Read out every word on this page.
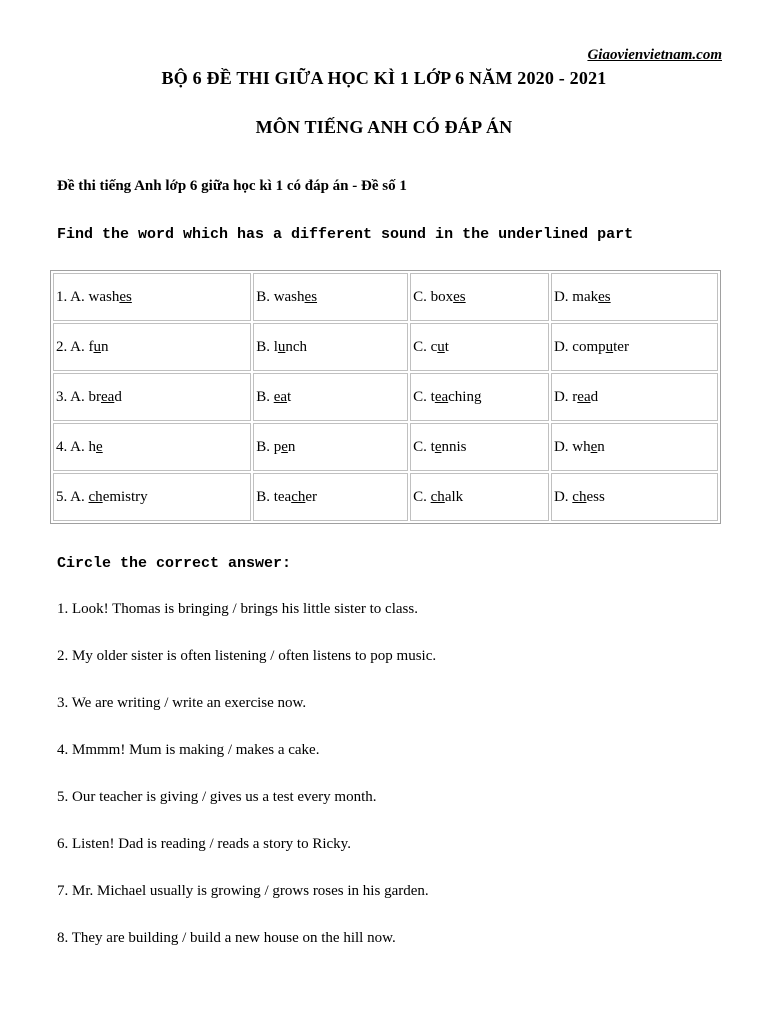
Giaovienvietnam.com
BỘ 6 ĐỀ THI GIỮA HỌC KÌ 1 LỚP 6 NĂM 2020 - 2021
MÔN TIẾNG ANH CÓ ĐÁP ÁN
Đề thi tiếng Anh lớp 6 giữa học kì 1 có đáp án - Đề số 1
Find the word which has a different sound in the underlined part
1. A. washes	B. washes	C. boxes	D. makes
2. A. fun	B. lunch	C. cut	D. computer
3. A. bread	B. eat	C. teaching	D. read
4. A. he	B. pen	C. tennis	D. when
5. A. chemistry	B. teacher	C. chalk	D. chess
Circle the correct answer:
1. Look! Thomas is bringing / brings his little sister to class.
2. My older sister is often listening / often listens to pop music.
3. We are writing / write an exercise now.
4. Mmmm! Mum is making / makes a cake.
5. Our teacher is giving / gives us a test every month.
6. Listen! Dad is reading / reads a story to Ricky.
7. Mr. Michael usually is growing / grows roses in his garden.
8. They are building / build a new house on the hill now.
